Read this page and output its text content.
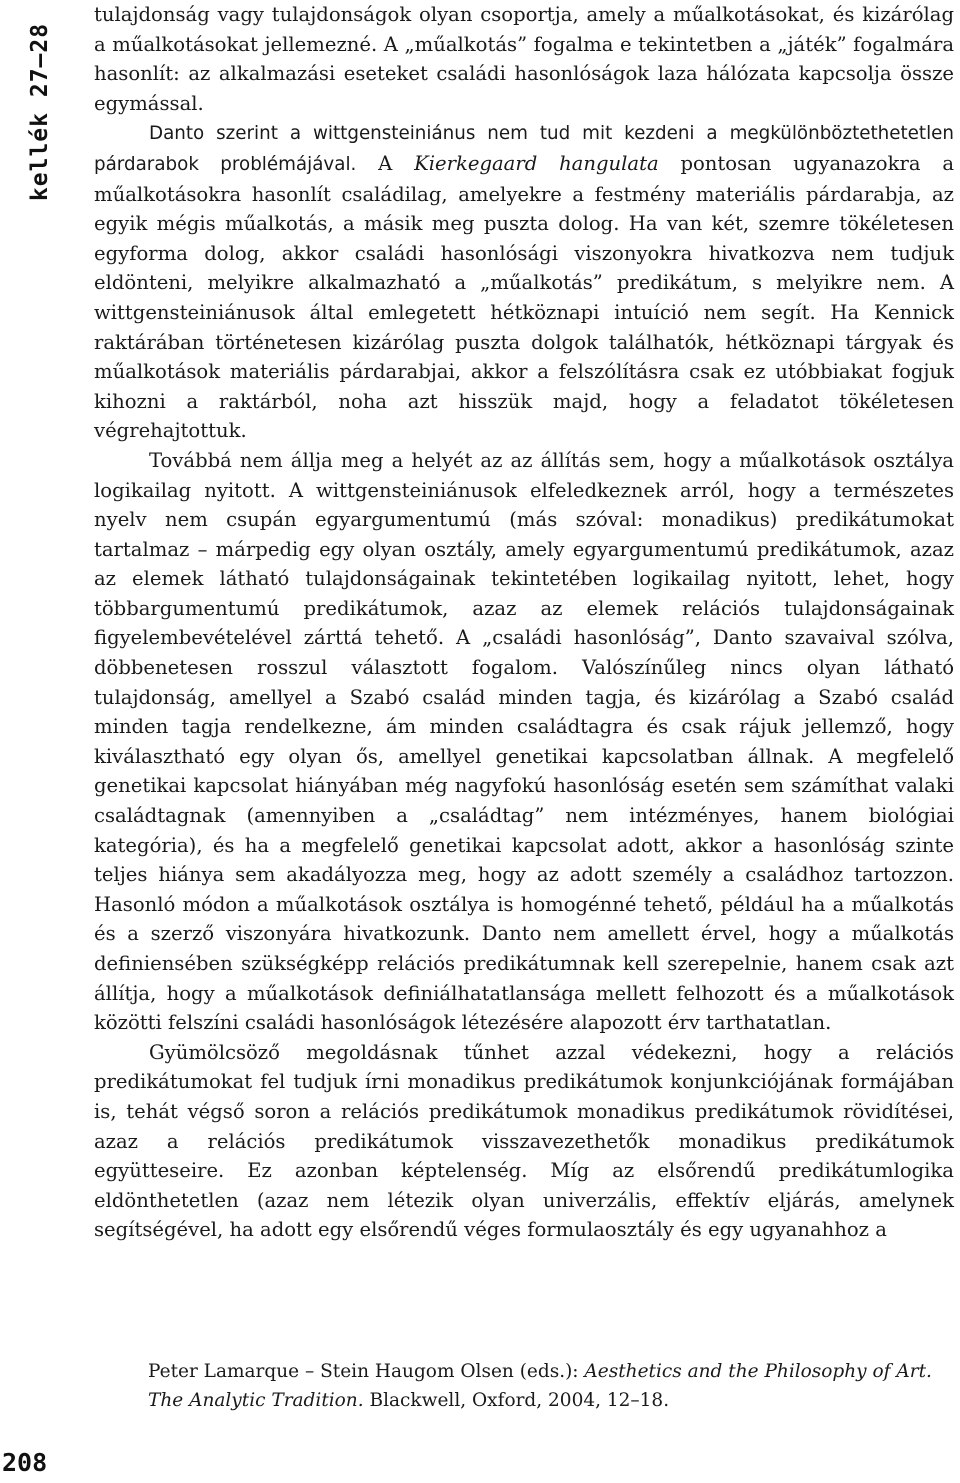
kellék 27–28

tulajdonság vagy tulajdonságok olyan csoportja, amely a műalkotásokat, és kizárólag a műalkotásokat jellemezné. A „műalkotás” fogalma e tekintetben a „játék” fogalmára hasonlít: az alkalmazási eseteket családi hasonlóságok laza hálózata kapcsolja össze egymással.

Danto szerint a wittgensteiniánus nem tud mit kezdeni a megkülönböztethetetlen párdarabok problémájával. A Kierkegaard hangulata pontosan ugyanazokra a műalkotásokra hasonlít családilag, amelyekre a festmény materiális párdarabja, az egyik mégis műalkotás, a másik meg puszta dolog. Ha van két, szemre tökéletesen egyforma dolog, akkor családi hasonlósági viszonyokra hivatkozva nem tudjuk eldönteni, melyikre alkalmazható a „műalkotás” predikátum, s melyikre nem. A wittgensteiniánusok által emlegetett hétköznapi intuíció nem segít. Ha Kennick raktárában történetesen kizárólag puszta dolgok találhatók, hétköznapi tárgyak és műalkotások materiális párdarabjai, akkor a felszólításra csak ez utóbbiakat fogjuk kihozni a raktárból, noha azt hisszük majd, hogy a feladatot tökéletesen végrehajtottuk.

Továbbá nem állja meg a helyét az az állítás sem, hogy a műalkotások osztálya logikailag nyitott. A wittgensteiniánusok elfeledkeznek arról, hogy a természetes nyelv nem csupán egyargumentumú (más szóval: monadikus) predikátumokat tartalmaz – márpedig egy olyan osztály, amely egyargumentumú predikátumok, azaz az elemek látható tulajdonságainak tekintetében logikailag nyitott, lehet, hogy többargumentumú predikátumok, azaz az elemek relációs tulajdonságainak figyelembevételével zárttá tehető. A „családi hasonlóság”, Danto szavaival szólva, döbbenetesen rosszul választott fogalom. Valószínűleg nincs olyan látható tulajdonság, amellyel a Szabó család minden tagja, és kizárólag a Szabó család minden tagja rendelkezne, ám minden családtagra és csak rájuk jellemző, hogy kiválasztható egy olyan ős, amellyel genetikai kapcsolatban állnak. A megfelelő genetikai kapcsolat hiányában még nagyfokú hasonlóság esetén sem számíthat valaki családtagnak (amennyiben a „családtag” nem intézményes, hanem biológiai kategória), és ha a megfelelő genetikai kapcsolat adott, akkor a hasonlóság szinte teljes hiánya sem akadályozza meg, hogy az adott személy a családhoz tartozzon. Hasonló módon a műalkotások osztálya is homogénné tehető, például ha a műalkotás és a szerző viszonyára hivatkozunk. Danto nem amellett érvel, hogy a műalkotás definiensében szükségképp relációs predikátumnak kell szerepelnie, hanem csak azt állítja, hogy a műalkotások definiálhatatlansága mellett felhozott és a műalkotások közötti felszíni családi hasonlóságok létezésére alapozott érv tarthatatlan.

Gyümölcsöző megoldásnak tűnhet azzal védekezni, hogy a relációs predikátumokat fel tudjuk írni monadikus predikátumok konjunkciójának formájában is, tehát végső soron a relációs predikátumok monadikus predikátumok rövidítései, azaz a relációs predikátumok visszavezethetők monadikus predikátumok együtteseire. Ez azonban képtelenség. Míg az elsőrendű predikátumlogika eldönthetetlen (azaz nem létezik olyan univerzális, effektív eljárás, amelynek segítségével, ha adott egy elsőrendű véges formulaosztály és egy ugyanahhoz a

Peter Lamarque – Stein Haugom Olsen (eds.): Aesthetics and the Philosophy of Art. The Analytic Tradition. Blackwell, Oxford, 2004, 12–18.
208
